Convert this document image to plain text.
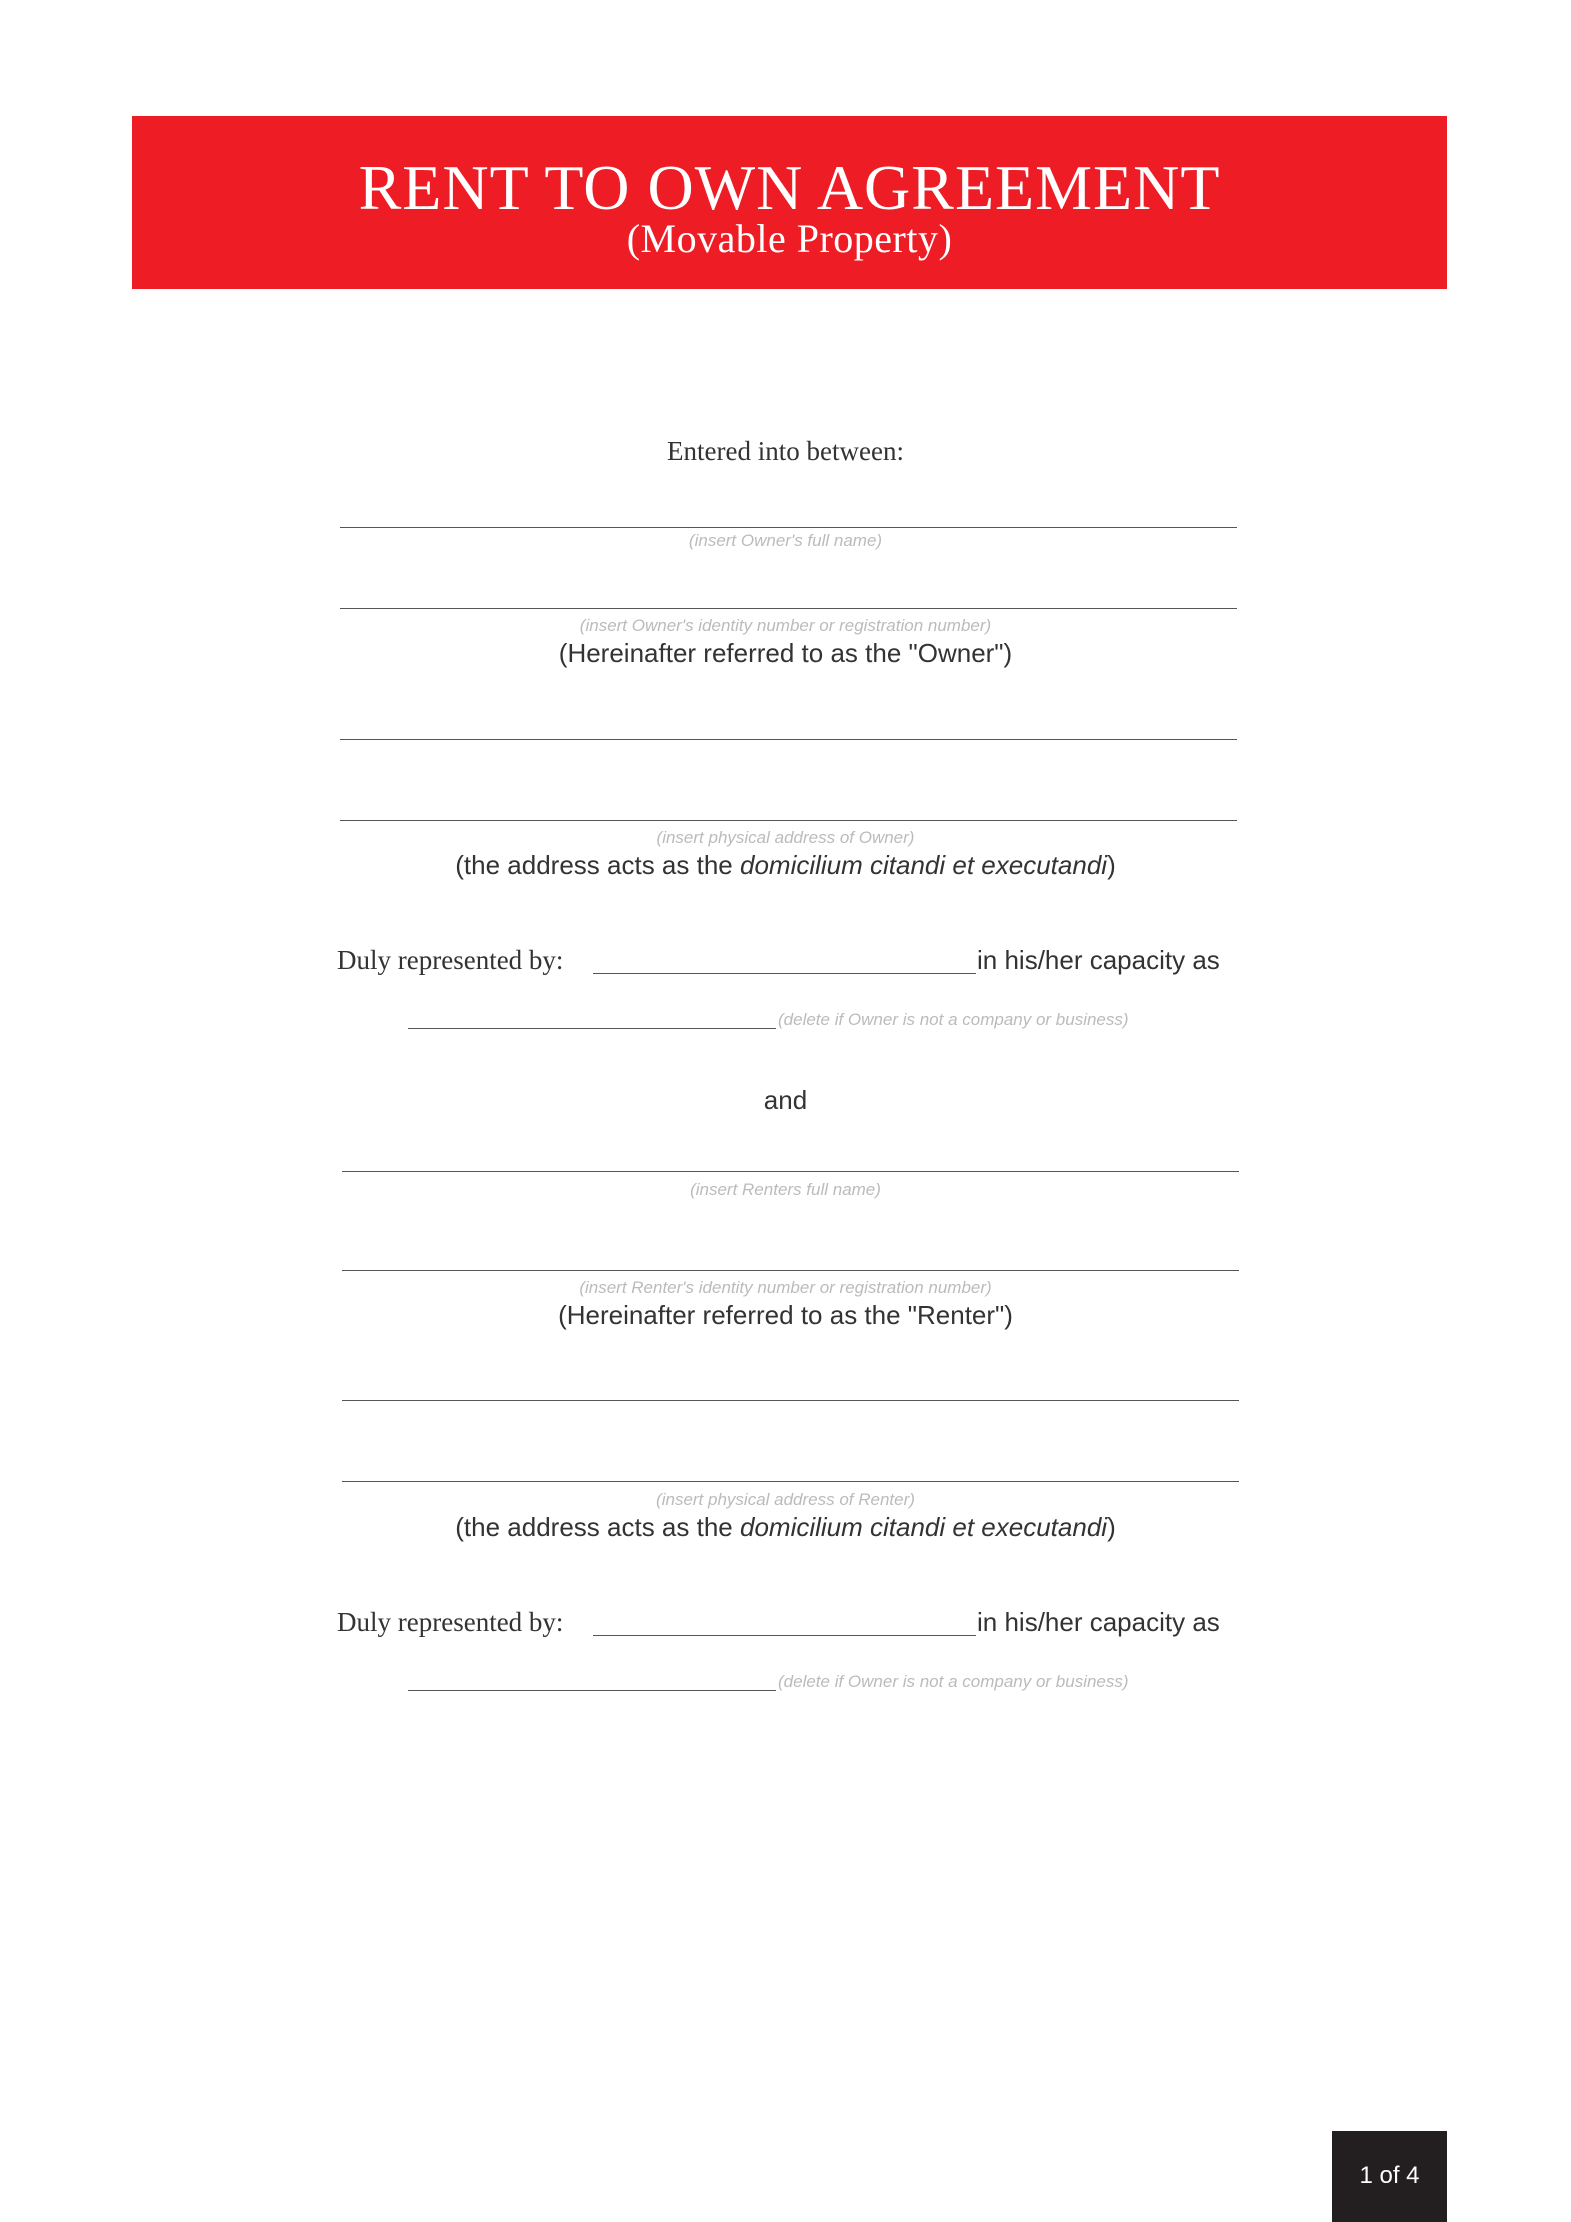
RENT TO OWN AGREEMENT
(Movable Property)
Entered into between:
(insert Owner's full name)
(insert Owner's identity number or registration number)
(Hereinafter referred to as the "Owner")
(insert physical address of Owner)
(the address acts as the domicilium citandi et executandi)
Duly represented by:	in his/her capacity as
(delete if Owner is not a company or business)
and
(insert Renters full name)
(insert Renter's identity number or registration number)
(Hereinafter referred to as the "Renter")
(insert physical address of Renter)
(the address acts as the domicilium citandi et executandi)
Duly represented by:	in his/her capacity as
(delete if Owner is not a company or business)
1 of 4
